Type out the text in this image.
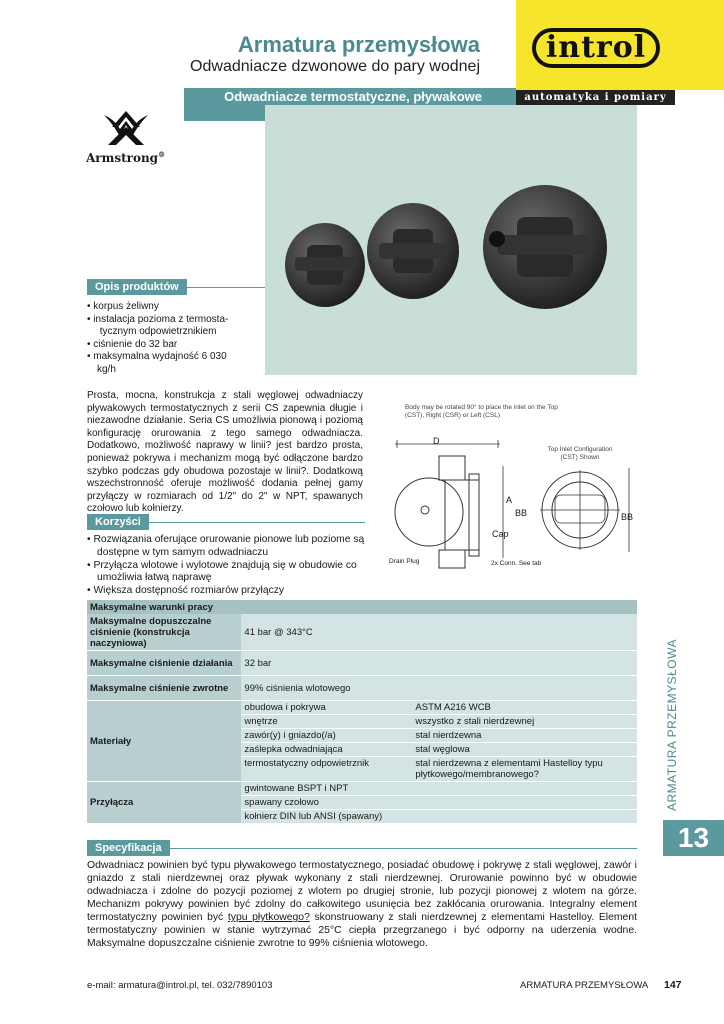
introl
automatyka i pomiary
Armatura przemysłowa
Odwadniacze dzwonowe do pary wodnej
Odwadniacze termostatyczne, pływakowe
Armstrong®
Opis produktów
• korpus żeliwny
• instalacja pozioma z termosta- tycznym odpowietrznikiem
• ciśnienie do 32 bar
• maksymalna wydajność 6 030 kg/h
Prosta, mocna, konstrukcja z stali węglowej odwadniaczy pływakowych termostatycznych z serii CS zapewnia długie i niezawodne działanie. Seria CS umożliwia pionową i poziomą konfigurację orurowania z tego samego odwadniacza. Dodatkowo, możliwość naprawy w linii? jest bardzo prosta, ponieważ pokrywa i mechanizm mogą być odłączone bardzo szybko podczas gdy obudowa pozostaje w linii?. Dodatkową wszechstronność oferuje możliwość dodania pełnej gamy przyłączy w rozmiarach od 1/2" do 2" w NPT, spawanych czołowo lub kołnierzy.
Body may be rotated 90° to place the inlet on the Top (CST), Right (CSR) or Left (CSL)
Top Inlet Configuration (CST) Shown
D
A
BB	BB
Cap
Drain Plug	2x Conn. See tab
Korzyści
• Rozwiązania oferujące orurowanie pionowe lub poziome są dostępne w tym samym odwadniaczu
• Przyłącza wlotowe i wylotowe znajdują się w obudowie co umożliwia łatwą naprawę
• Większa dostępność rozmiarów przyłączy
Maksymalne warunki pracy		
Maksymalne dopuszczalne ciśnienie (konstrukcja naczyniowa)	41 bar @ 343°C	
Maksymalne ciśnienie działania	32 bar	
Maksymalne ciśnienie zwrotne	99% ciśnienia wlotowego	
Materiały	obudowa i pokrywa	ASTM A216 WCB
	wnętrze	wszystko z stali nierdzewnej
	zawór(y) i gniazdo(/a)	stal nierdzewna
	zaślepka odwadniająca	stal węglowa
	termostatyczny odpowietrznik	stal nierdzewna z elementami Hastelloy typu płytkowego/membranowego?
Przyłącza	gwintowane BSPT i NPT	
	spawany czołowo	
	kołnierz DIN lub ANSI (spawany)	
Specyfikacja
Odwadniacz powinien być typu pływakowego termostatycznego, posiadać obudowę i pokrywę z stali węglowej, zawór i gniazdo z stali nierdzewnej oraz pływak wykonany z stali nierdzewnej. Orurowanie powinno być w obudowie odwadniacza i zdolne do pozycji poziomej z wlotem po drugiej stronie, lub pozycji pionowej z wlotem na górze. Mechanizm pokrywy powinien być zdolny do całkowitego usunięcia bez zakłócania orurowania. Integralny element termostatyczny powinien być typu płytkowego? skonstruowany z stali nierdzewnej z elementami Hastelloy. Element termostatyczny powinien w stanie wytrzymać 25°C ciepła przegrzanego i być odporny na uderzenia wodne. Maksymalne dopuszczalne ciśnienie zwrotne to 99% ciśnienia wlotowego.
ARMATURA PRZEMYSŁOWA
13
e-mail: armatura@introl.pl, tel. 032/7890103	ARMATURA PRZEMYSŁOWA 147
